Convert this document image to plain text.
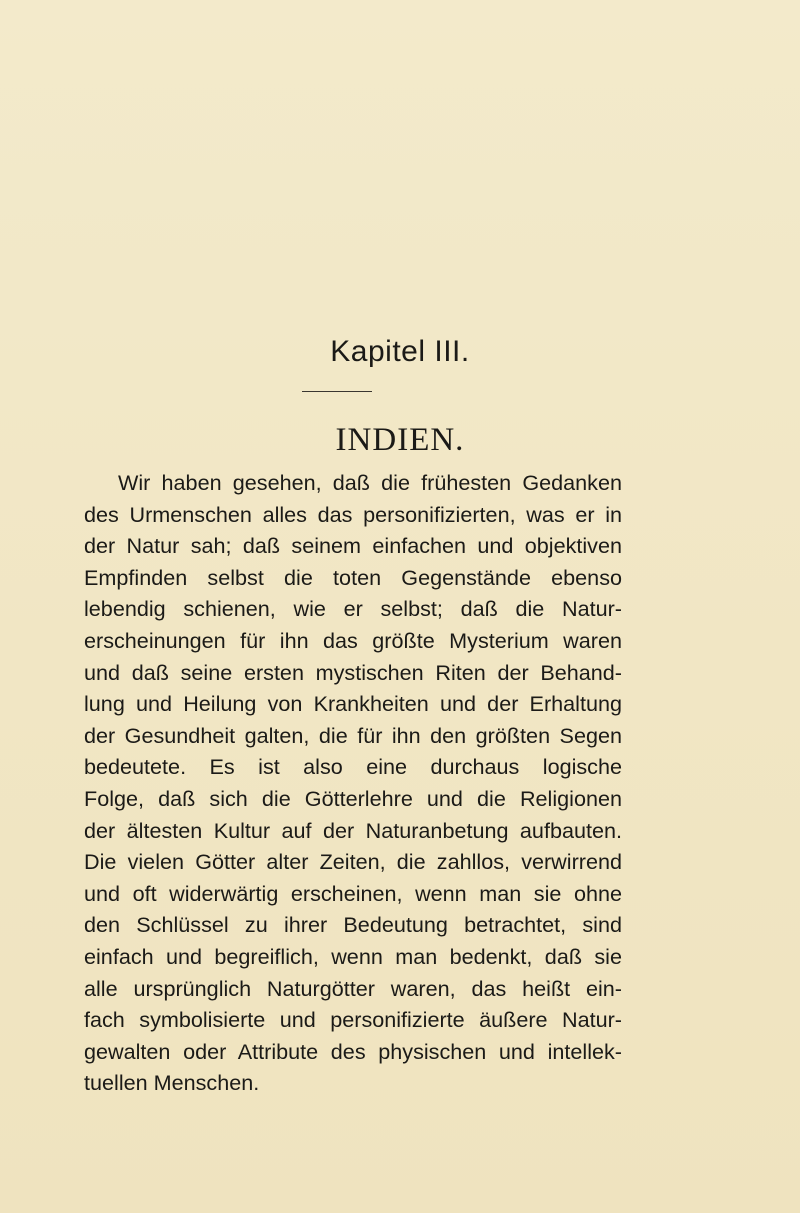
Kapitel III.
INDIEN.
Wir haben gesehen, daß die frühesten Gedanken
des Urmenschen alles das personifizierten, was er in
der Natur sah; daß seinem einfachen und objektiven
Empfinden selbst die toten Gegenstände ebenso
lebendig schienen, wie er selbst; daß die Natur-
erscheinungen für ihn das größte Mysterium waren
und daß seine ersten mystischen Riten der Behand-
lung und Heilung von Krankheiten und der Erhaltung
der Gesundheit galten, die für ihn den größten Segen
bedeutete. Es ist also eine durchaus logische
Folge, daß sich die Götterlehre und die Religionen
der ältesten Kultur auf der Naturanbetung aufbauten.
Die vielen Götter alter Zeiten, die zahllos, verwirrend
und oft widerwärtig erscheinen, wenn man sie ohne
den Schlüssel zu ihrer Bedeutung betrachtet, sind
einfach und begreiflich, wenn man bedenkt, daß sie
alle ursprünglich Naturgötter waren, das heißt ein-
fach symbolisierte und personifizierte äußere Natur-
gewalten oder Attribute des physischen und intellek-
tuellen Menschen.
